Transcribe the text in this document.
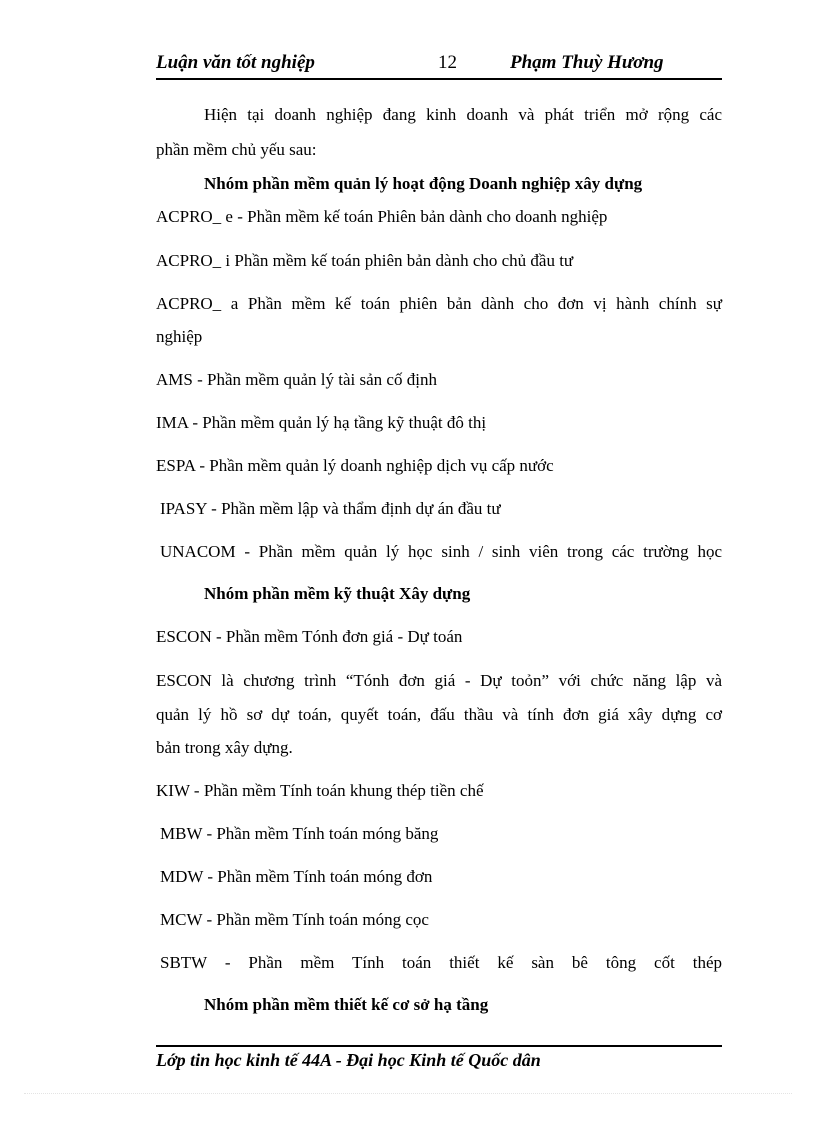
Luận văn tốt nghiệp	12	Phạm Thuỳ Hương
Hiện tại doanh nghiệp đang kinh doanh và phát triển mở rộng các
phần mềm chủ yếu sau:
Nhóm phần mềm quản lý hoạt động Doanh nghiệp xây dựng
ACPRO_ e - Phần mềm kế toán Phiên bản dành cho doanh nghiệp
ACPRO_ i Phần mềm kế toán phiên bản dành cho chủ đầu tư
ACPRO_ a Phần mềm kế toán phiên bản dành cho đơn vị hành chính sự
nghiệp
AMS - Phần mềm quản lý tài sản cố định
IMA - Phần mềm quản lý hạ tầng kỹ thuật đô thị
ESPA - Phần mềm quản lý doanh nghiệp dịch vụ cấp nước
IPASY - Phần mềm lập và thẩm định dự án đầu tư
UNACOM - Phần mềm quản lý học sinh / sinh viên trong các trường học
Nhóm phần mềm kỹ thuật Xây dựng
ESCON - Phần mềm Tónh đơn giá - Dự toán
ESCON là chương trình “Tónh đơn giá - Dự toỏn” với chức năng lập và
quản lý hồ sơ dự toán, quyết toán, đấu thầu và tính đơn giá xây dựng cơ
bản trong xây dựng.
KIW - Phần mềm Tính toán khung thép tiền chế
MBW - Phần mềm Tính toán móng băng
MDW - Phần mềm Tính toán móng đơn
MCW - Phần mềm Tính toán móng cọc
SBTW - Phần mềm Tính toán thiết kế sàn bê tông cốt thép
Nhóm phần mềm thiết kế cơ sở hạ tầng
Lớp tin học kinh tế 44A - Đại học Kinh tế Quốc dân
